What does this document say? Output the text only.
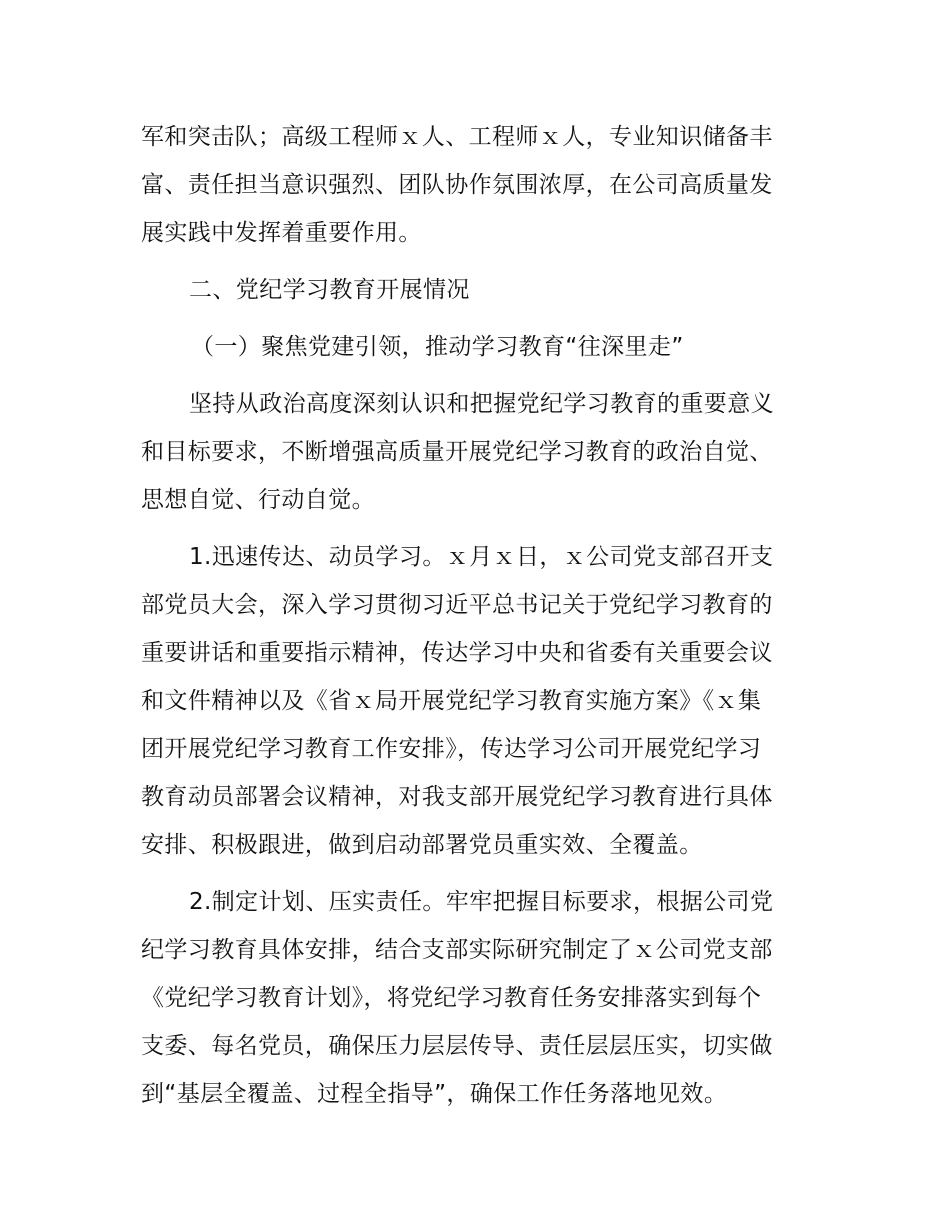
军和突击队；高级工程师ｘ人、工程师ｘ人，专业知识储备丰
富、责任担当意识强烈、团队协作氛围浓厚，在公司高质量发
展实践中发挥着重要作用。
二、党纪学习教育开展情况
（一）聚焦党建引领，推动学习教育“往深里走”
坚持从政治高度深刻认识和把握党纪学习教育的重要意义
和目标要求，不断增强高质量开展党纪学习教育的政治自觉、
思想自觉、行动自觉。
1.迅速传达、动员学习。ｘ月ｘ日，ｘ公司党支部召开支
部党员大会，深入学习贯彻习近平总书记关于党纪学习教育的
重要讲话和重要指示精神，传达学习中央和省委有关重要会议
和文件精神以及《省ｘ局开展党纪学习教育实施方案》《ｘ集
团开展党纪学习教育工作安排》，传达学习公司开展党纪学习
教育动员部署会议精神，对我支部开展党纪学习教育进行具体
安排、积极跟进，做到启动部署党员重实效、全覆盖。
2.制定计划、压实责任。牢牢把握目标要求，根据公司党
纪学习教育具体安排，结合支部实际研究制定了ｘ公司党支部
《党纪学习教育计划》，将党纪学习教育任务安排落实到每个
支委、每名党员，确保压力层层传导、责任层层压实，切实做
到“基层全覆盖、过程全指导”，确保工作任务落地见效。
